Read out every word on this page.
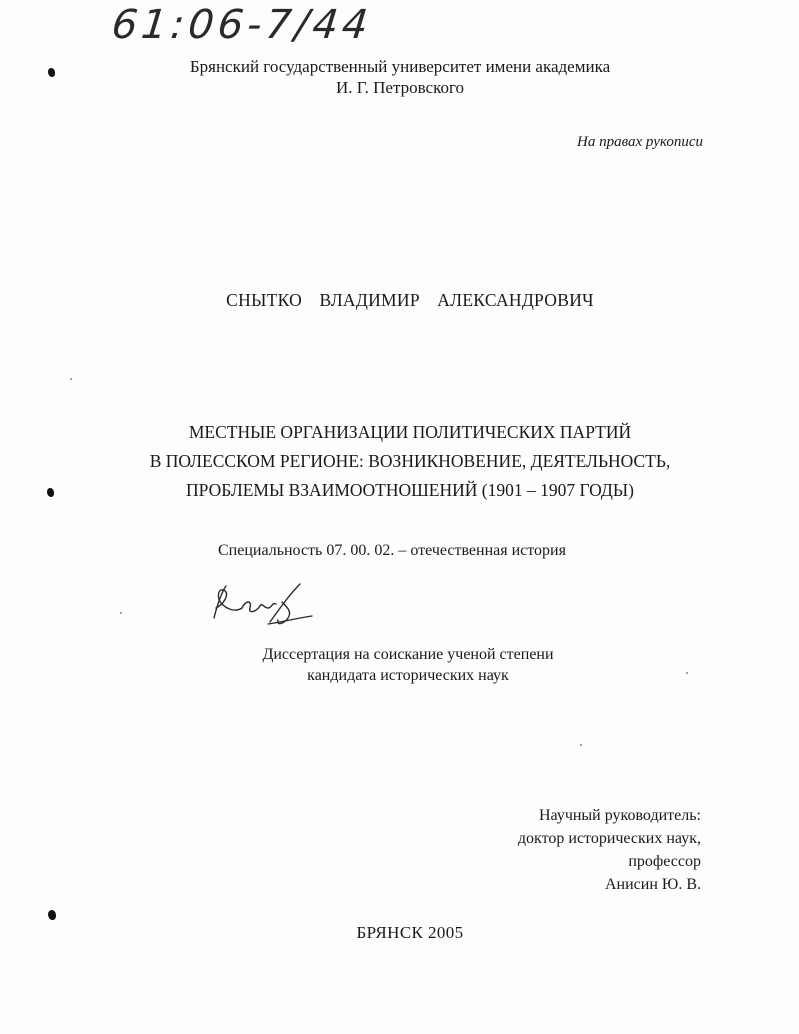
61:06-7/44
Брянский государственный университет имени академика
И. Г. Петровского
На правах рукописи
СНЫТКО  ВЛАДИМИР  АЛЕКСАНДРОВИЧ
МЕСТНЫЕ ОРГАНИЗАЦИИ ПОЛИТИЧЕСКИХ ПАРТИЙ
В ПОЛЕССКОМ РЕГИОНЕ: ВОЗНИКНОВЕНИЕ, ДЕЯТЕЛЬНОСТЬ,
ПРОБЛЕМЫ ВЗАИМООТНОШЕНИЙ (1901 – 1907 ГОДЫ)
Специальность 07. 00. 02. – отечественная история
Диссертация на соискание ученой степени
кандидата исторических наук
Научный руководитель:
доктор исторических наук,
профессор
Анисин Ю. В.
БРЯНСК 2005
